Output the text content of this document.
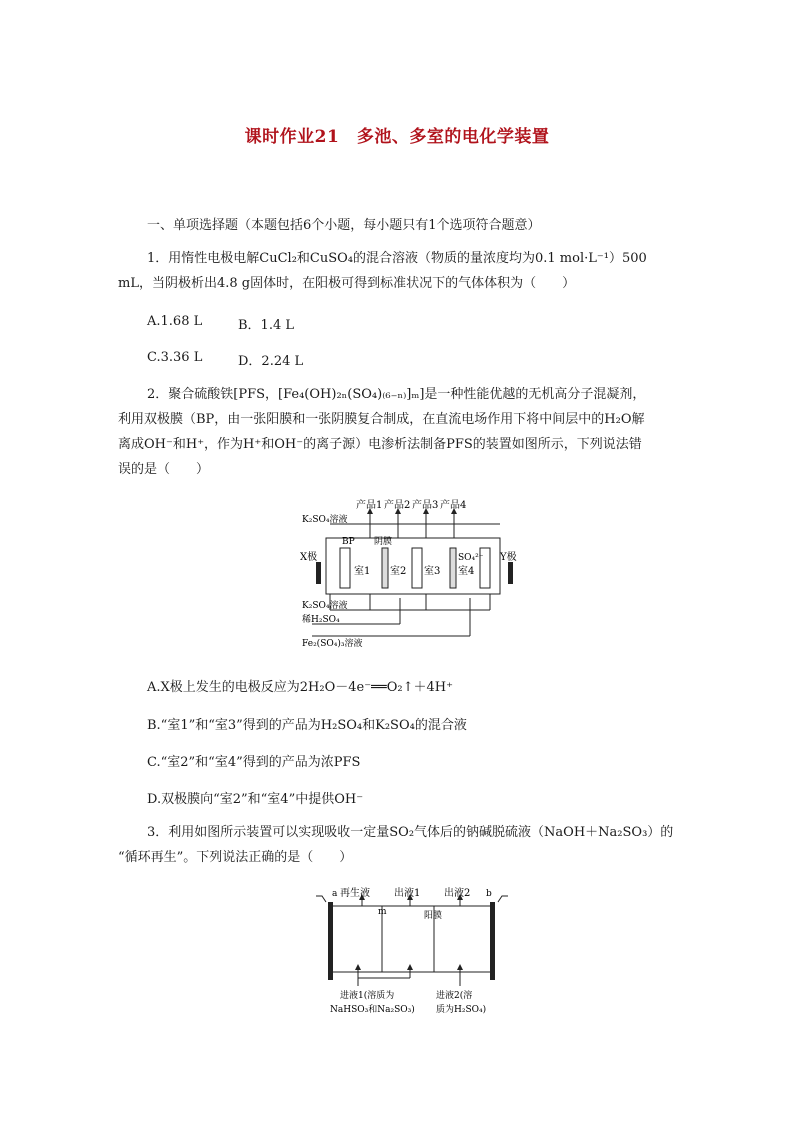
课时作业21　多池、多室的电化学装置
一、单项选择题（本题包括6个小题，每小题只有1个选项符合题意）
1．用惰性电极电解CuCl₂和CuSO₄的混合溶液（物质的量浓度均为0.1 mol·L⁻¹）500
mL，当阴极析出4.8 g固体时，在阳极可得到标准状况下的气体体积为（　　）
A.1.68 L	B．1.4 L
C.3.36 L	D．2.24 L
2．聚合硫酸铁[PFS，[Fe₄(OH)₂ₙ(SO₄)₍₆₋ₙ₎]ₘ]是一种性能优越的无机高分子混凝剂，
利用双极膜（BP，由一张阳膜和一张阴膜复合制成，在直流电场作用下将中间层中的H₂O解
离成OH⁻和H⁺，作为H⁺和OH⁻的离子源）电渗析法制备PFS的装置如图所示，下列说法错
误的是（　　）
产品1 产品2 产品3 产品4
K₂SO₄溶液
BP 阴膜
X极	Y极
室1 室2 室3
SO₄²⁻
室4
K₂SO₄溶液
稀H₂SO₄
Fe₂(SO₄)₃溶液
A.X极上发生的电极反应为2H₂O－4e⁻══O₂↑＋4H⁺
B.“室1”和“室3”得到的产品为H₂SO₄和K₂SO₄的混合液
C.“室2”和“室4”得到的产品为浓PFS
D.双极膜向“室2”和“室4”中提供OH⁻
3．利用如图所示装置可以实现吸收一定量SO₂气体后的钠碱脱硫液（NaOH＋Na₂SO₃）的
“循环再生”。下列说法正确的是（　　）
a	b
再生液 出液1 出液2
m	阳膜
进液1(溶质为
NaHSO₃和Na₂SO₃)
进液2(溶
质为H₂SO₄)
